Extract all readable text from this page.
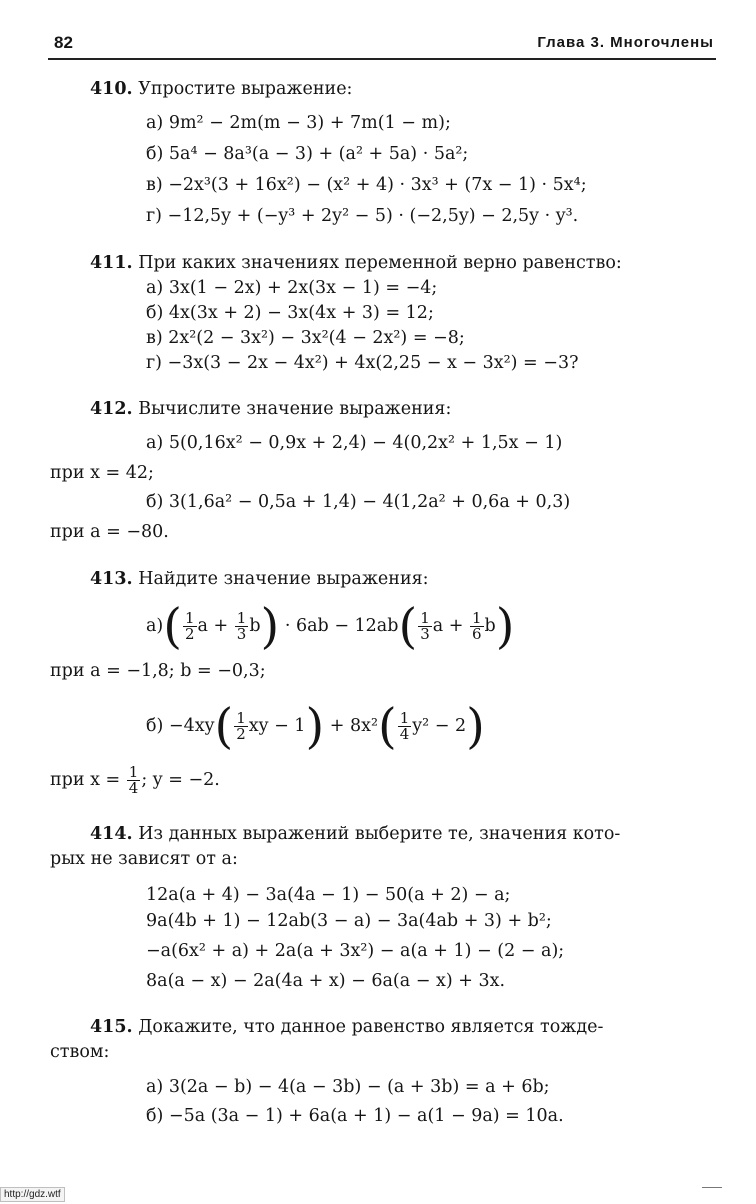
82	Глава 3. Многочлены
410. Упростите выражение:
а) 9m² − 2m(m − 3) + 7m(1 − m);
б) 5a⁴ − 8a³(a − 3) + (a² + 5a) · 5a²;
в) −2x³(3 + 16x²) − (x² + 4) · 3x³ + (7x − 1) · 5x⁴;
г) −12,5y + (−y³ + 2y² − 5) · (−2,5y) − 2,5y · y³.
411. При каких значениях переменной верно равенство:
а) 3x(1 − 2x) + 2x(3x − 1) = −4;
б) 4x(3x + 2) − 3x(4x + 3) = 12;
в) 2x²(2 − 3x²) − 3x²(4 − 2x²) = −8;
г) −3x(3 − 2x − 4x²) + 4x(2,25 − x − 3x²) = −3?
412. Вычислите значение выражения:
а) 5(0,16x² − 0,9x + 2,4) − 4(0,2x² + 1,5x − 1)
при x = 42;
б) 3(1,6a² − 0,5a + 1,4) − 4(1,2a² + 0,6a + 0,3)
при a = −80.
413. Найдите значение выражения:
$а)( \frac{1}{2}$ $a + \frac{1}{3} b) \cdot 6ab - 12ab( \frac{1}{3}$ $a + \frac{1}{6} b$)
при a = −1,8; b = −0,3;
$б) -4xy( \frac{1}{2}$ xy − $1) + 8x^2( \frac{1}{4} y^2 - 2)$
при $x = \frac{1}{4}$ ; y = −2.
414. Из данных выражений выберите те, значения кото-
рых не зависят от a:
12a(a + 4) − 3a(4a − 1) − 50(a + 2) − a;
9a(4b + 1) − 12ab(3 − a) − 3a(4ab + 3) + b²;
−a(6x² + a) + 2a(a + 3x²) − a(a + 1) − (2 − a);
8a(a − x) − 2a(4a + x) − 6a(a − x) + 3x.
415. Докажите, что данное равенство является тожде-
ством:
а) 3(2a − b) − 4(a − 3b) − (a + 3b) = a + 6b;
б) −5a (3a − 1) + 6a(a + 1) − a(1 − 9a) = 10a.
http://gdz.wtf
